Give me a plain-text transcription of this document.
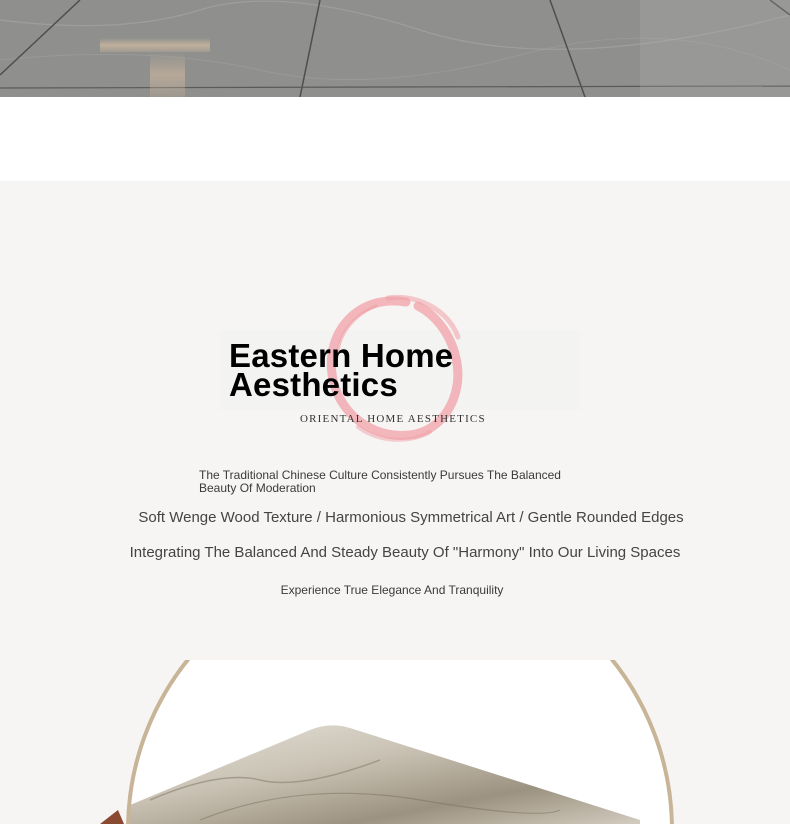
Eastern Home
Aesthetics
ORIENTAL HOME AESTHETICS
The Traditional Chinese Culture Consistently Pursues The Balanced Beauty Of Moderation
Soft Wenge Wood Texture / Harmonious Symmetrical Art / Gentle Rounded Edges
Integrating The Balanced And Steady Beauty Of "Harmony" Into Our Living Spaces
Experience True Elegance And Tranquility
